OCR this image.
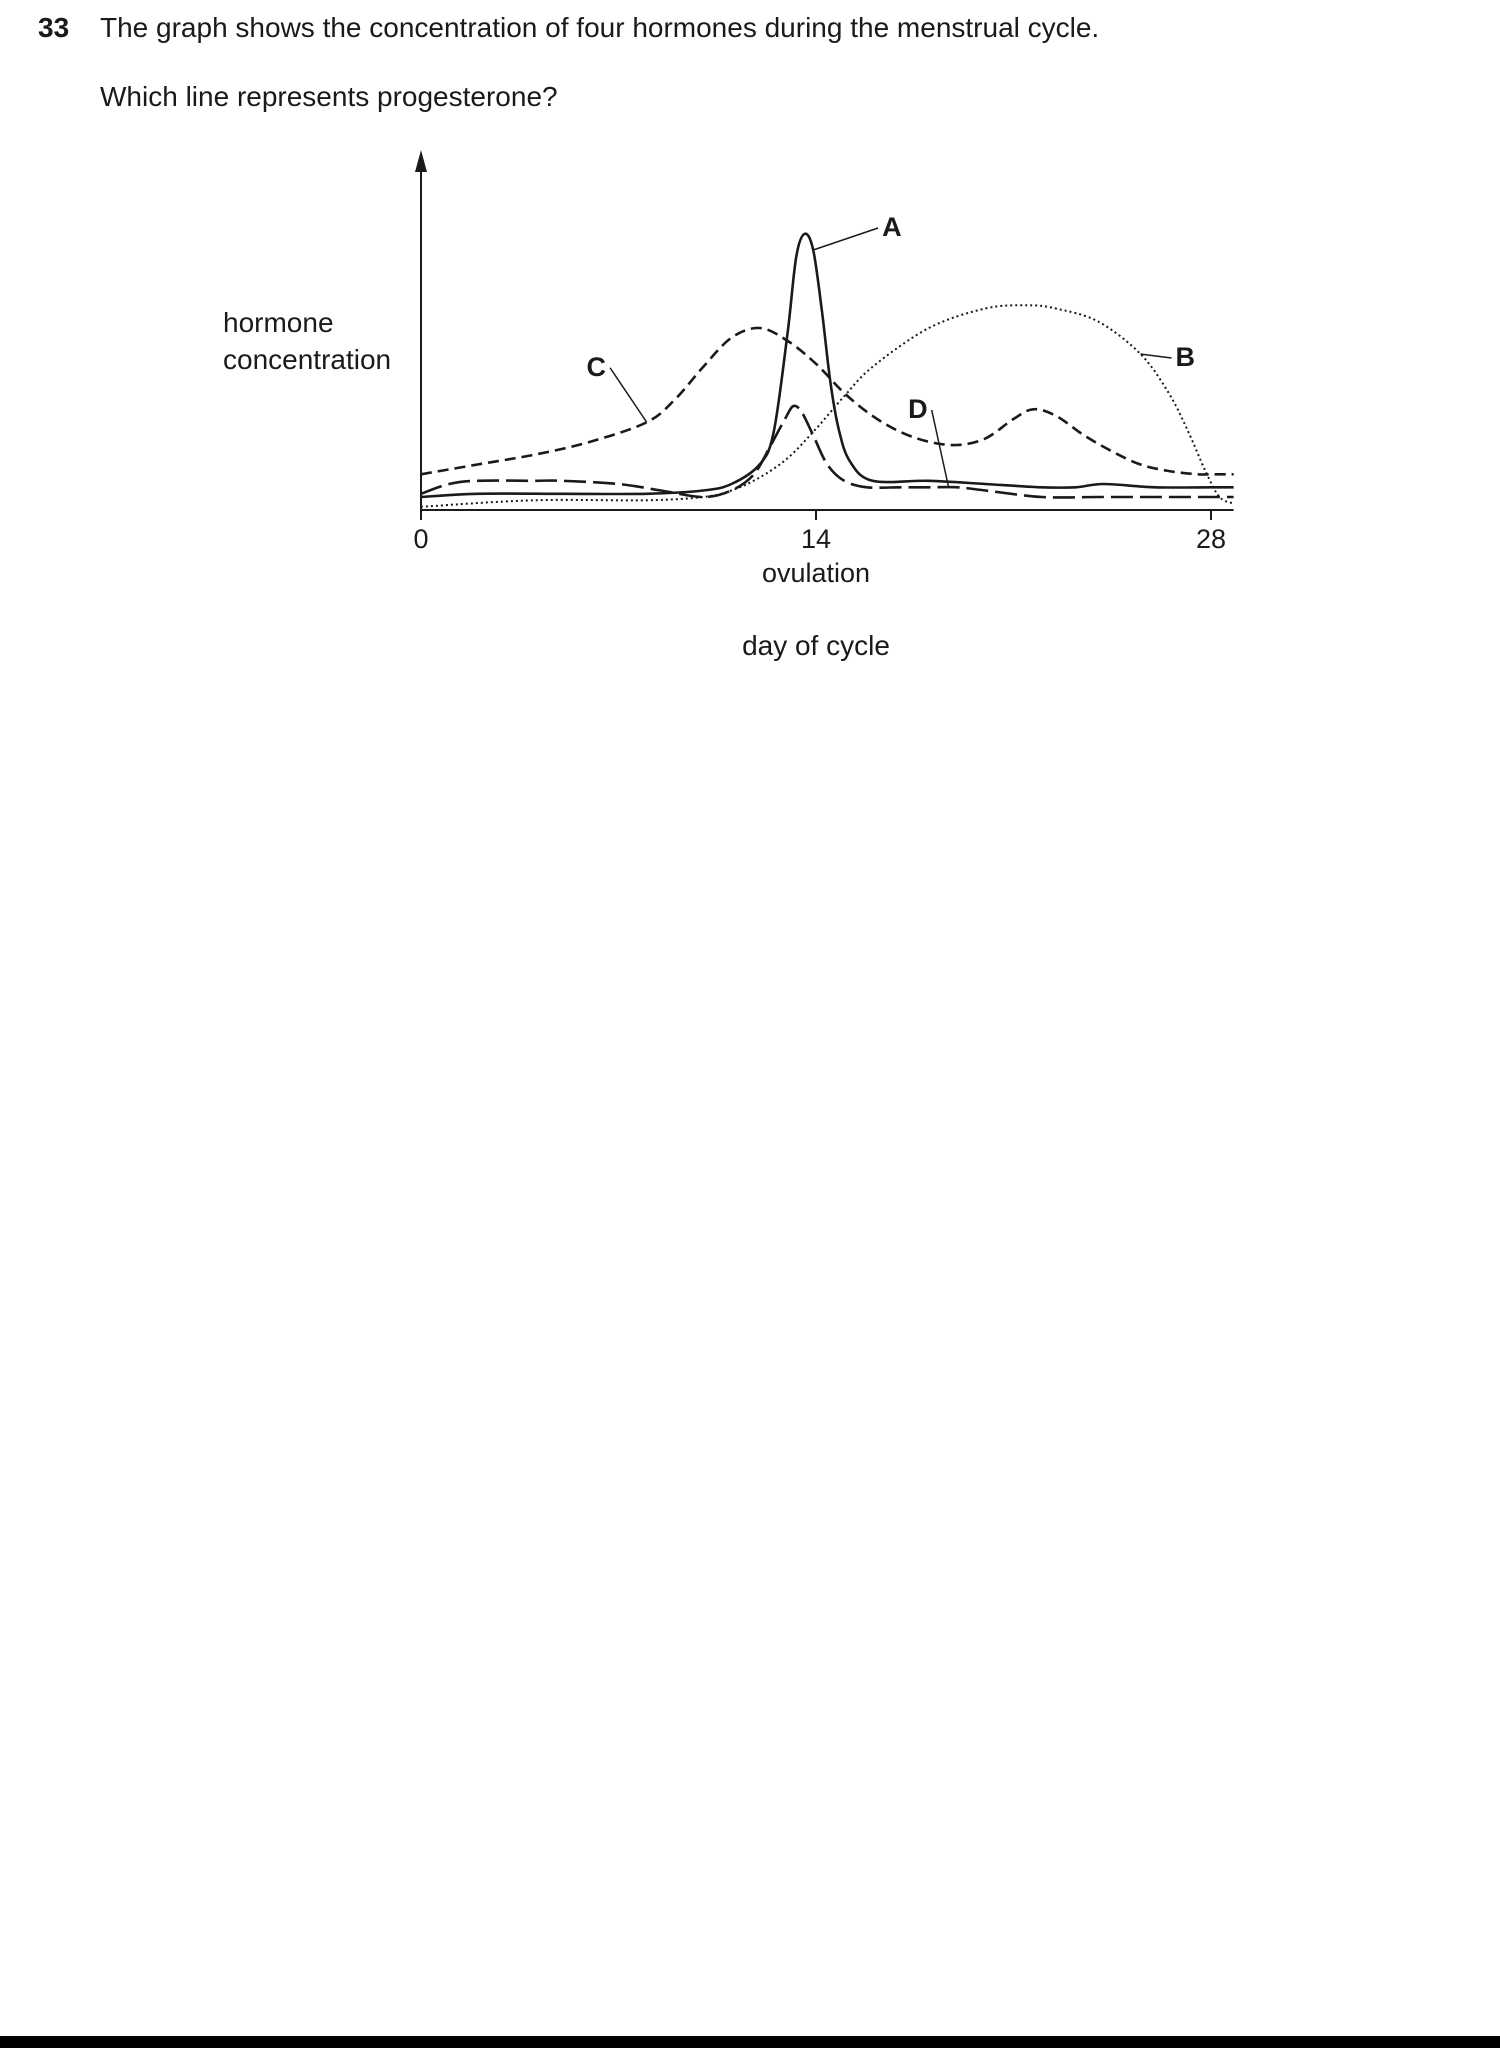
33 The graph shows the concentration of four hormones during the menstrual cycle.
Which line represents progesterone?
0	14	28
ovulation
day of cycle
hormone
concentration
A
B
C
D
